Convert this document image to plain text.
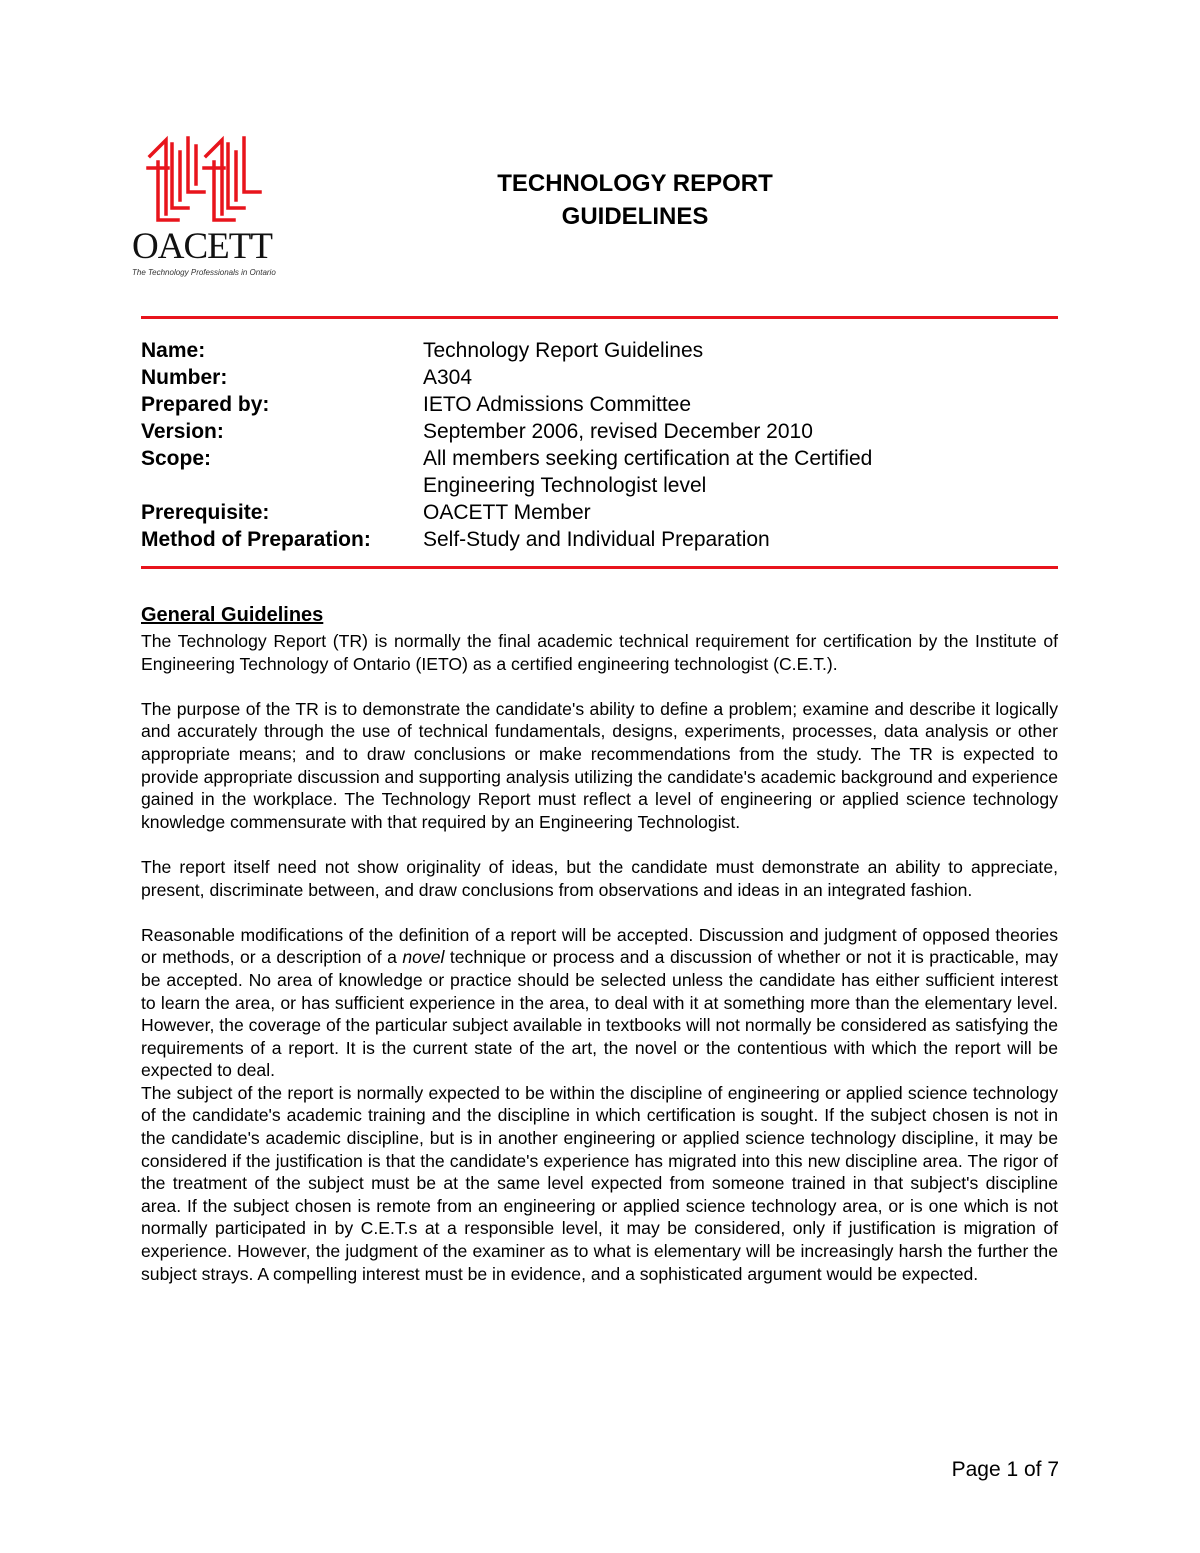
OACETT
The Technology Professionals in Ontario
TECHNOLOGY REPORT
GUIDELINES
Name:	Technology Report Guidelines
Number:	A304
Prepared by:	IETO Admissions Committee
Version:	September 2006, revised December 2010
Scope:	All members seeking certification at the Certified Engineering Technologist level
Prerequisite:	OACETT Member
Method of Preparation:	Self-Study and Individual Preparation
General Guidelines

The Technology Report (TR) is normally the final academic technical requirement for certification by the Institute of Engineering Technology of Ontario (IETO) as a certified engineering technologist (C.E.T.).

The purpose of the TR is to demonstrate the candidate's ability to define a problem; examine and describe it logically and accurately through the use of technical fundamentals, designs, experiments, processes, data analysis or other appropriate means; and to draw conclusions or make recommendations from the study. The TR is expected to provide appropriate discussion and supporting analysis utilizing the candidate's academic background and experience gained in the workplace. The Technology Report must reflect a level of engineering or applied science technology knowledge commensurate with that required by an Engineering Technologist.

The report itself need not show originality of ideas, but the candidate must demonstrate an ability to appreciate, present, discriminate between, and draw conclusions from observations and ideas in an integrated fashion.

Reasonable modifications of the definition of a report will be accepted. Discussion and judgment of opposed theories or methods, or a description of a novel technique or process and a discussion of whether or not it is practicable, may be accepted. No area of knowledge or practice should be selected unless the candidate has either sufficient interest to learn the area, or has sufficient experience in the area, to deal with it at something more than the elementary level. However, the coverage of the particular subject available in textbooks will not normally be considered as satisfying the requirements of a report. It is the current state of the art, the novel or the contentious with which the report will be expected to deal.

The subject of the report is normally expected to be within the discipline of engineering or applied science technology of the candidate's academic training and the discipline in which certification is sought. If the subject chosen is not in the candidate's academic discipline, but is in another engineering or applied science technology discipline, it may be considered if the justification is that the candidate's experience has migrated into this new discipline area. The rigor of the treatment of the subject must be at the same level expected from someone trained in that subject's discipline area. If the subject chosen is remote from an engineering or applied science technology area, or is one which is not normally participated in by C.E.T.s at a responsible level, it may be considered, only if justification is migration of experience. However, the judgment of the examiner as to what is elementary will be increasingly harsh the further the subject strays. A compelling interest must be in evidence, and a sophisticated argument would be expected.

Page 1 of 7
